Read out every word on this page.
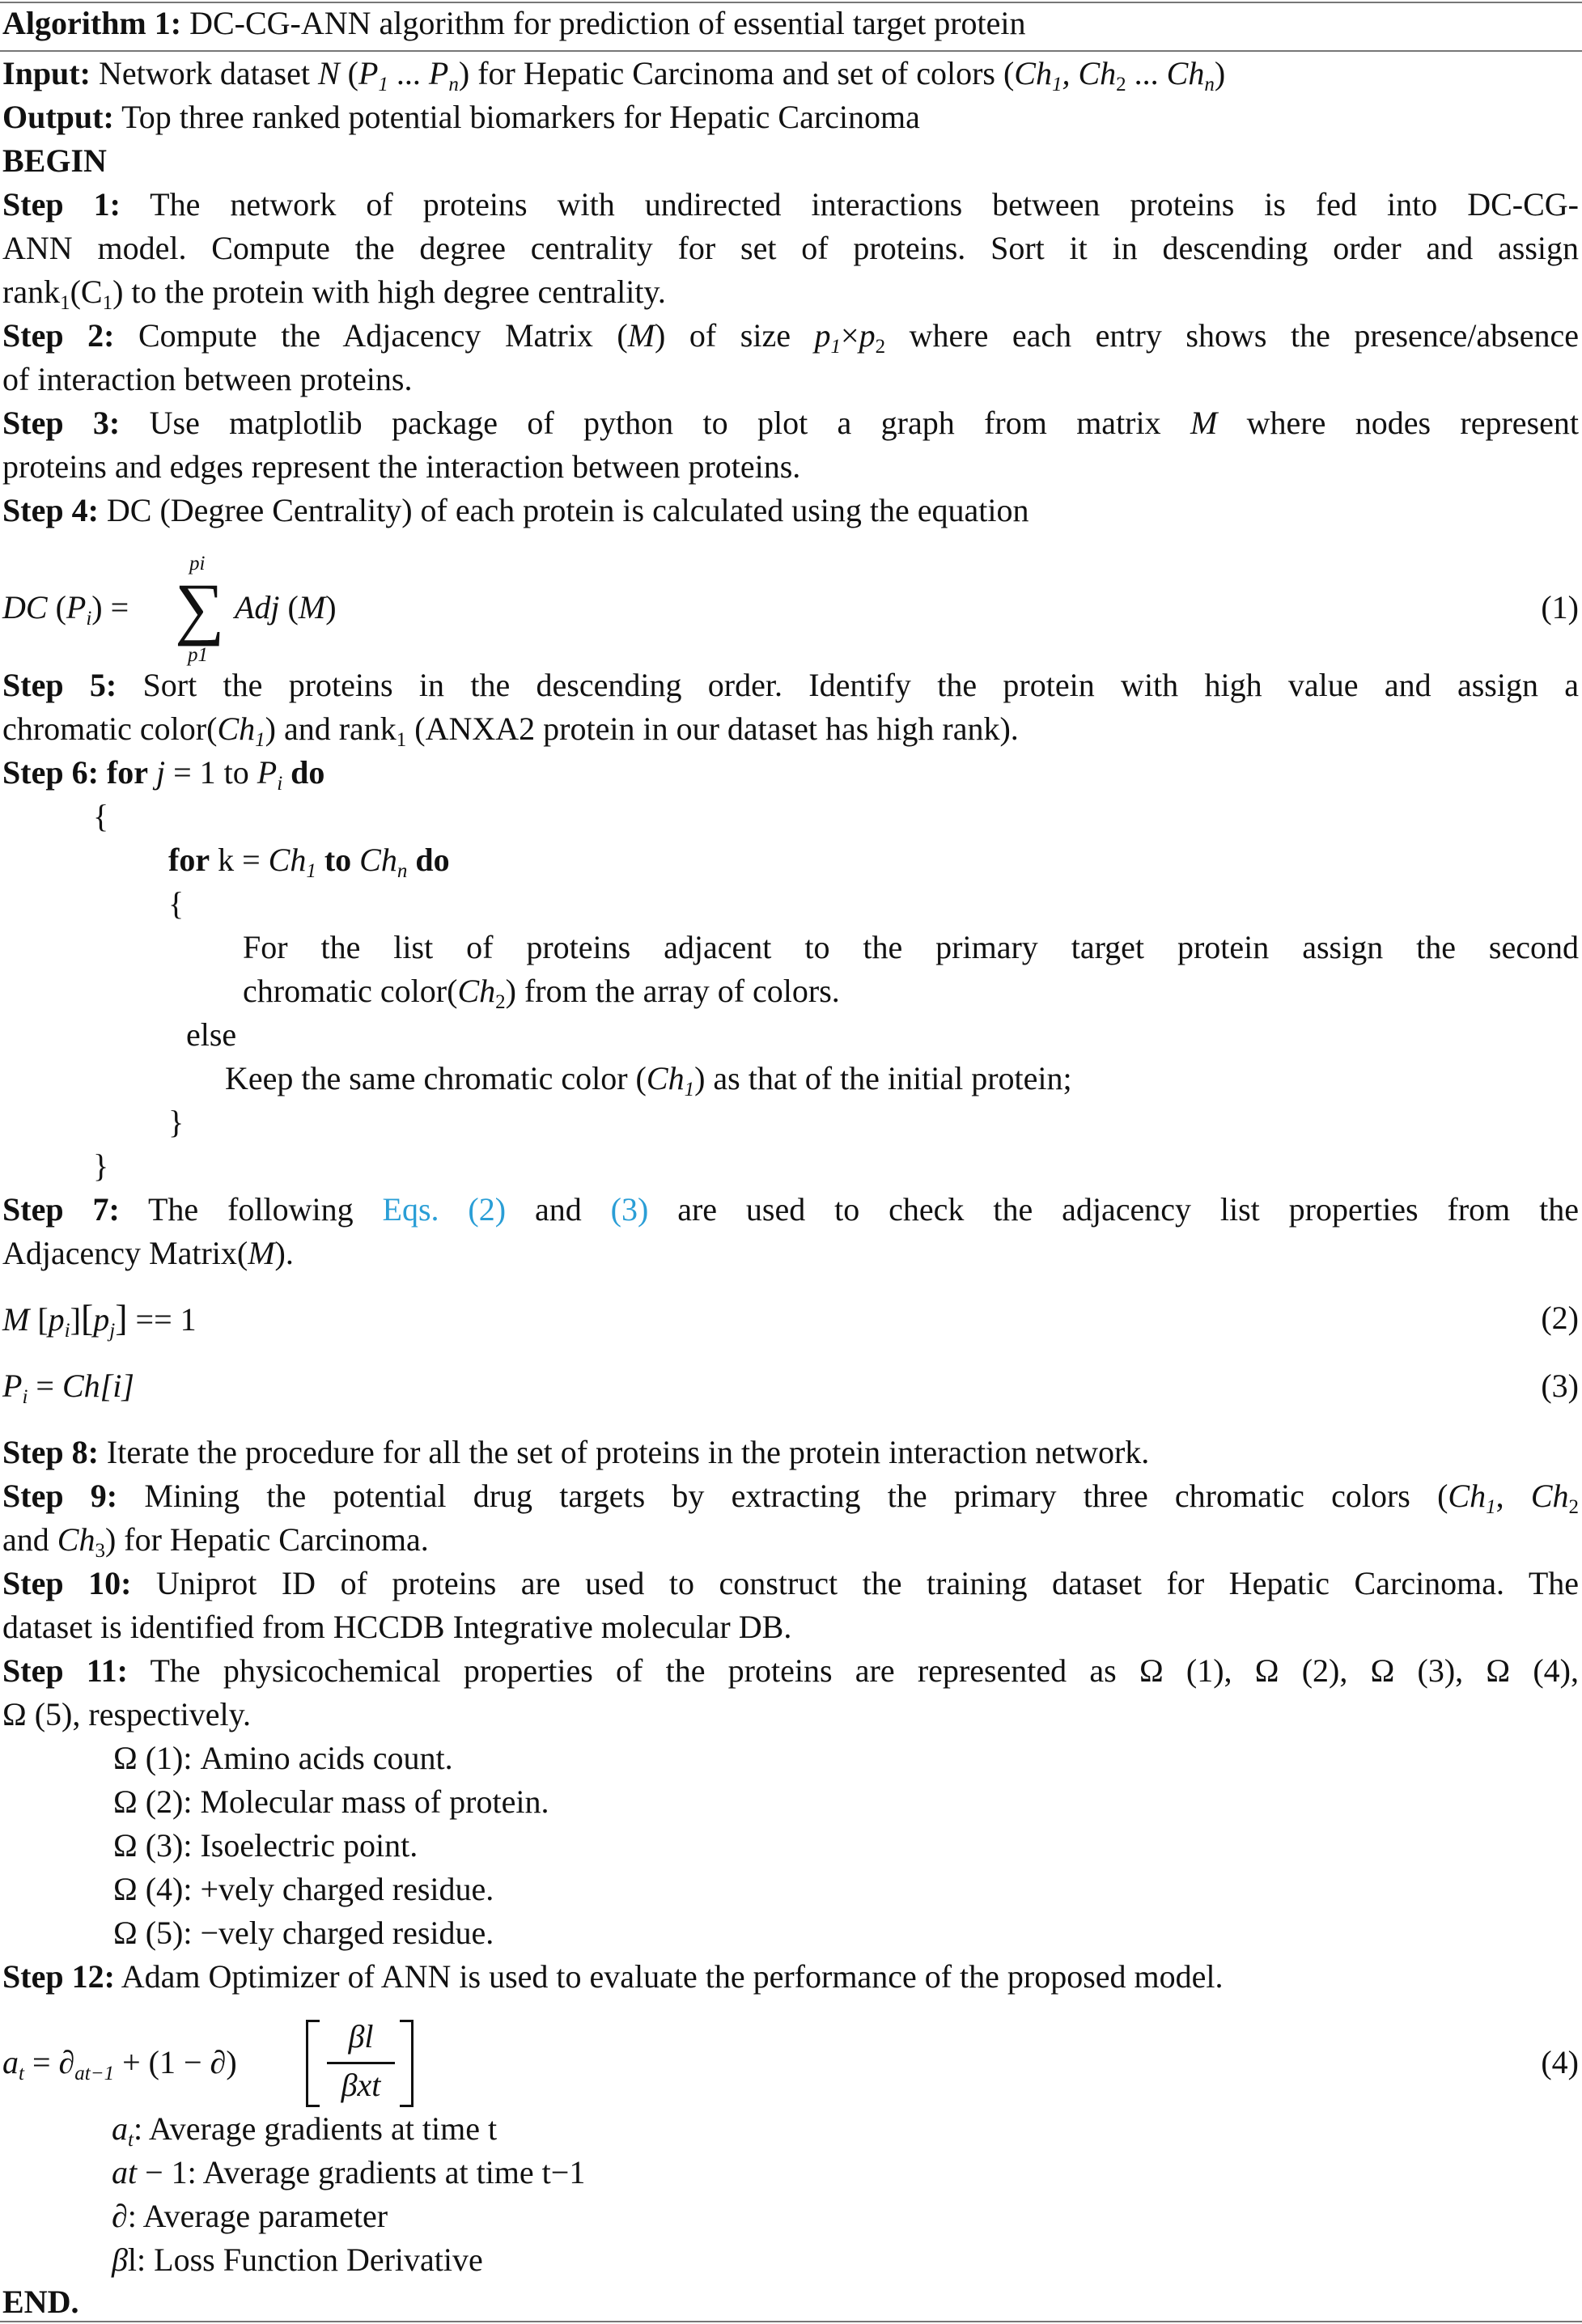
Algorithm 1: DC-CG-ANN algorithm for prediction of essential target protein
Input: Network dataset N ($P_1$ ... $P_n$) for Hepatic Carcinoma and set of colors ($Ch_1$, $Ch_2$ ... $Ch_n$)
Output: Top three ranked potential biomarkers for Hepatic Carcinoma
BEGIN
Step 1: The network of proteins with undirected interactions between proteins is fed into DC-CG-
ANN model. Compute the degree centrality for set of proteins. Sort it in descending order and assign
$rank_1(C_1)$ to the protein with high degree centrality.
Step 2: Compute the Adjacency Matrix (M) of size $p_1\times p_2$ where each entry shows the presence/absence
of interaction between proteins.
Step 3: Use matplotlib package of python to plot a graph from matrix M where nodes represent
proteins and edges represent the interaction between proteins.
Step 4: DC (Degree Centrality) of each protein is calculated using the equation
DC $(P_i)$ =
pi
∑
p1
Adj (M)	(1)
Step 5: Sort the proteins in the descending order. Identify the protein with high value and assign a
chromatic $color(Ch_1)$ and rank$_1$ (ANXA2 protein in our dataset has high rank).
Step 6: for j = 1 to $P_i$ do
{
for $k = Ch_1$ to $Ch_n$ do
{
For the list of proteins adjacent to the primary target protein assign the second
chromatic $color(Ch_2)$ from the array of colors.
else
Keep the same chromatic color $(Ch_1)$ as that of the initial protein;
}
}
Step 7: The following Eqs. (2) and (3) are used to check the adjacency list properties from the
Adjacency Matrix(M).
M $[p_i][p_j] == 1$	(2)
$P_i = Ch[i]$	(3)
Step 8: Iterate the procedure for all the set of proteins in the protein interaction network.
Step 9: Mining the potential drug targets by extracting the primary three chromatic colors ($Ch_1$, $Ch_2$
and $Ch_3$) for Hepatic Carcinoma.
Step 10: Uniprot ID of proteins are used to construct the training dataset for Hepatic Carcinoma. The
dataset is identified from HCCDB Integrative molecular DB.
Step 11: The physicochemical properties of the proteins are represented as Ω (1), Ω (2), Ω (3), Ω (4),
Ω (5), respectively.
Ω (1): Amino acids count.
Ω (2): Molecular mass of protein.
Ω (3): Isoelectric point.
Ω (4): +vely charged residue.
Ω (5): −vely charged residue.
Step 12: Adam Optimizer of ANN is used to evaluate the performance of the proposed model.
$a_t = \partial_{at-1} + (1$ − ∂)
βl
βxt
(4)
$a_t$: Average gradients at time t
at − 1: Average gradients at time t−1
∂: Average parameter
βl: Loss Function Derivative
END.
